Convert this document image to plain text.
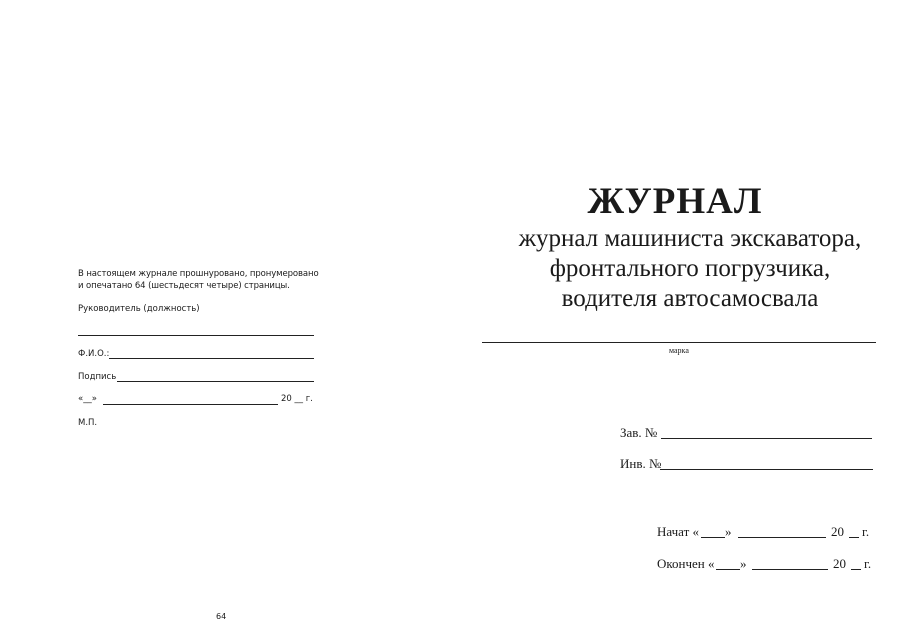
В настоящем журнале прошнуровано, пронумеровано и опечатано 64 (шестьдесят четыре) страницы.
Руководитель (должность)
Ф.И.О.:
Подпись
«__»	20 __ г.
М.П.
64
ЖУРНАЛ
журнал машиниста экскаватора,
фронтального погрузчика,
водителя автосамосвала
марка
Зав. №
Инв. №
Начат « »	20 г.
Окончен « »	20 г.
